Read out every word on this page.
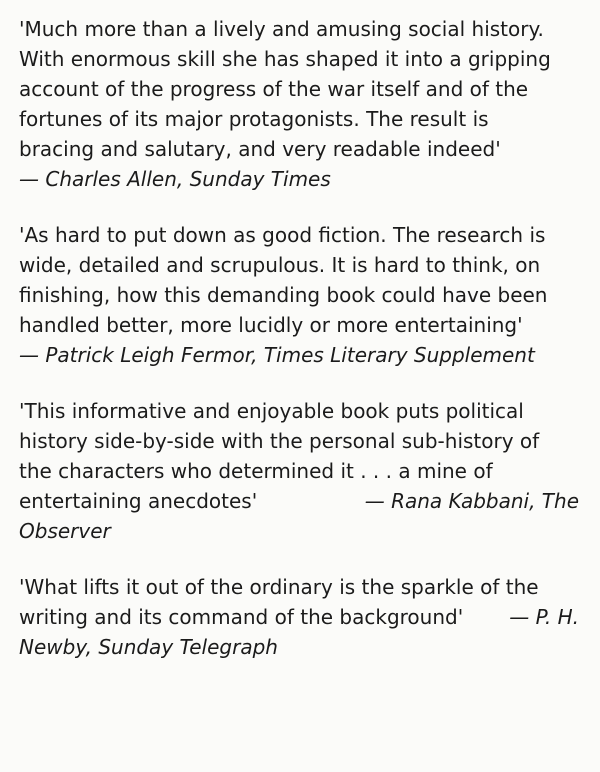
'Much more than a lively and amusing social history.
With enormous skill she has shaped it into a gripping
account of the progress of the war itself and of the
fortunes of its major protagonists. The result is
bracing and salutary, and very readable indeed'
— Charles Allen, Sunday Times
'As hard to put down as good fiction. The research is
wide, detailed and scrupulous. It is hard to think, on
finishing, how this demanding book could have been
handled better, more lucidly or more entertaining'
— Patrick Leigh Fermor, Times Literary Supplement
'This informative and enjoyable book puts political
history side-by-side with the personal sub-history of
the characters who determined it . . . a mine of
entertaining anecdotes'	— Rana Kabbani, The
Observer
'What lifts it out of the ordinary is the sparkle of the
writing and its command of the background' — P. H.
Newby, Sunday Telegraph
